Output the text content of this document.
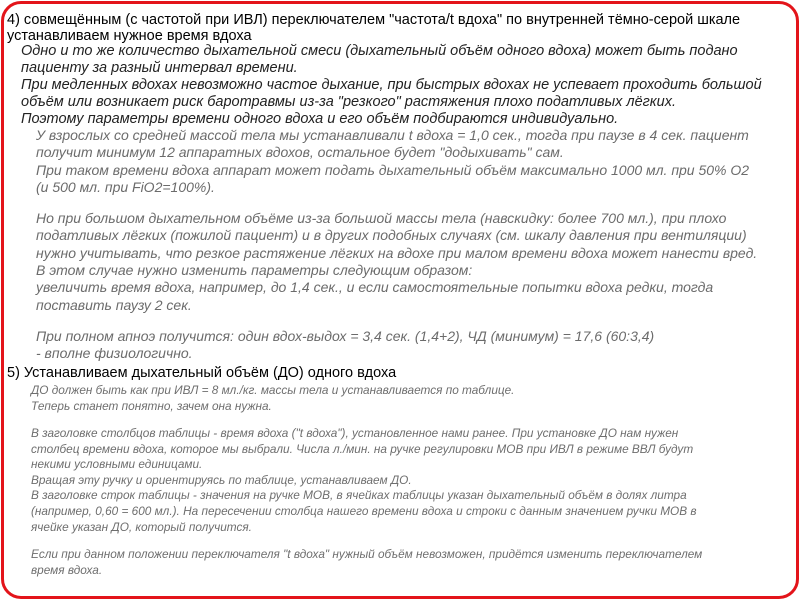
4) совмещённым (с частотой при ИВЛ) переключателем "частота/t вдоха" по внутренней тёмно-серой шкале
устанавливаем нужное время вдоха
Одно и то же количество дыхательной смеси (дыхательный объём одного вдоха) может быть подано
пациенту за разный интервал времени.
При медленных вдохах невозможно частое дыхание, при быстрых вдохах не успевает проходить большой
объём или возникает риск баротравмы из-за "резкого" растяжения плохо податливых лёгких.
Поэтому параметры времени одного вдоха и его объём подбираются индивидуально.
У взрослых со средней массой тела мы устанавливали t вдоха = 1,0 сек., тогда при паузе в 4 сек. пациент
получит минимум 12 аппаратных вдохов, остальное будет "додыхивать" сам.
При таком времени вдоха аппарат может подать дыхательный объём максимально 1000 мл. при 50% О2
(и 500 мл. при FiO2=100%).
Но при большом дыхательном объёме из-за большой массы тела (навскидку: более 700 мл.), при плохо
податливых лёгких (пожилой пациент) и в других подобных случаях (см. шкалу давления при вентиляции)
нужно учитывать, что резкое растяжение лёгких на вдохе при малом времени вдоха может нанести вред.
В этом случае нужно изменить параметры следующим образом:
увеличить время вдоха, например, до 1,4 сек., и если самостоятельные попытки вдоха редки, тогда
поставить паузу 2 сек.
При полном апноэ получится: один вдох-выдох = 3,4 сек. (1,4+2), ЧД (минимум) = 17,6 (60:3,4)
- вполне физиологично.
5) Устанавливаем дыхательный объём (ДО) одного вдоха
ДО должен быть как при ИВЛ = 8 мл./кг. массы тела и устанавливается по таблице.
Теперь станет понятно, зачем она нужна.
В заголовке столбцов таблицы - время вдоха ("t вдоха"), установленное нами ранее. При установке ДО нам нужен
столбец времени вдоха, которое мы выбрали. Числа л./мин. на ручке регулировки МОВ при ИВЛ в режиме ВВЛ будут
некими условными единицами.
Вращая эту ручку и ориентируясь по таблице, устанавливаем ДО.
В заголовке строк таблицы - значения на ручке МОВ, в ячейках таблицы указан дыхательный объём в долях литра
(например, 0,60 = 600 мл.). На пересечении столбца нашего времени вдоха и строки с данным значением ручки МОВ в
ячейке указан ДО, который получится.
Если при данном положении переключателя "t вдоха" нужный объём невозможен, придётся изменить переключателем
время вдоха.
